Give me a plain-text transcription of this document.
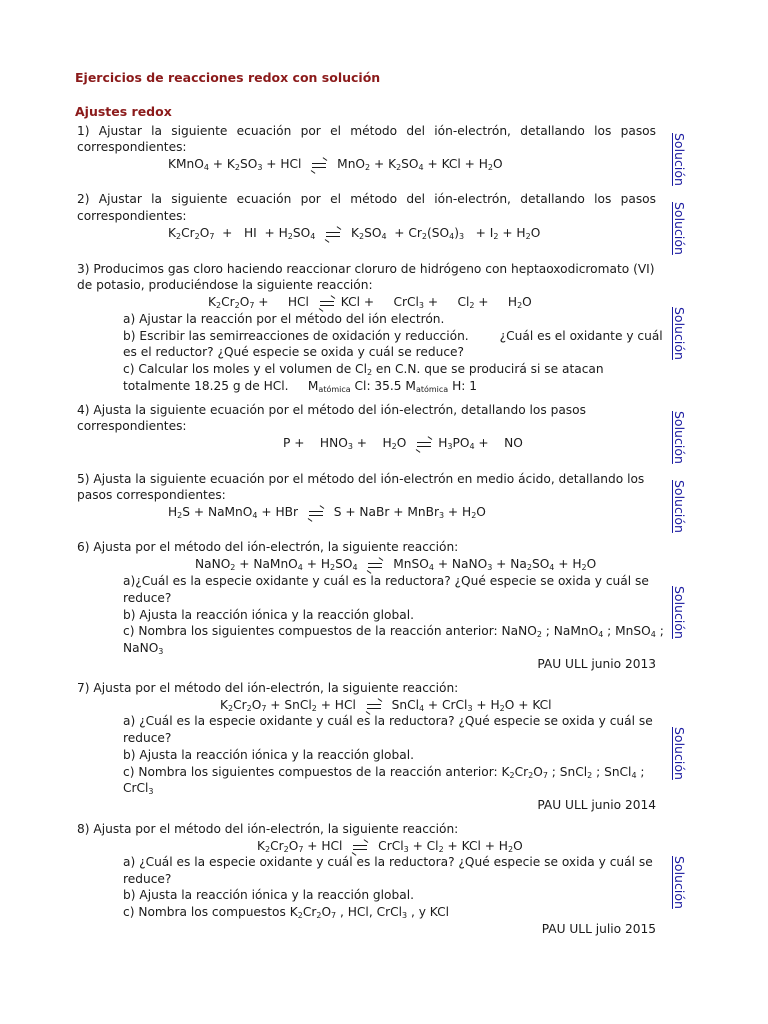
Ejercicios de reacciones redox con solución
Ajustes redox
1) Ajustar la siguiente ecuación por el método del ión-electrón, detallando los pasos
correspondientes:
KMnO$_4$ + $K_2SO_3$ + HCl
$MnO_2 + K_2SO_4$ + KCl + $H_2O$	Solución
2) Ajustar la siguiente ecuación por el método del ión-electrón, detallando los pasos
correspondientes:
$K_2Cr_2O_7$  +   HI  + $H_2SO_4$	$K_2SO_4 + Cr_2(SO_4)_3 + I_2 + H_2O$	Solución
3) Producimos gas cloro haciendo reaccionar cloruro de hidrógeno con heptaoxodicromato (VI)
de potasio, produciéndose la siguiente reacción:
$K_2Cr_2O_7$ +     HCl
KCl +     CrCl$_3$ +     $Cl_2$ +     $H_2O$
a) Ajustar la reacción por el método del ión electrón.
b) Escribir las semirreacciones de oxidación y reducción.        ¿Cuál es el oxidante y cuál
es el reductor? ¿Qué especie se oxida y cuál se reduce?
c) Calcular los moles y el volumen de $Cl_2$ en C.N. que se producirá si se atacan
totalmente 18.25 g de HCl.     $M_{atómica}$ Cl: 35.5 $M_{atómica}$ H: 1
Solución
4) Ajusta la siguiente ecuación por el método del ión-electrón, detallando los pasos
correspondientes:
P +    $HNO_3$ +    $H_2O$
$H_3PO_4$ +    NO	Solución
5) Ajusta la siguiente ecuación por el método del ión-electrón en medio ácido, detallando los
pasos correspondientes:
$H_2S$ + NaMnO$_4$ + HBr
S + NaBr + MnBr$_3$ + $H_2O$	Solución
6) Ajusta por el método del ión-electrón, la siguiente reacción:
NaNO$_2$ + NaMnO$_4$ + $H_2SO_4$	MnSO$_4$ + NaNO$_3$ + $Na_2SO_4 + H_2O$
a)¿Cuál es la especie oxidante y cuál es la reductora? ¿Qué especie se oxida y cuál se
reduce?
b) Ajusta la reacción iónica y la reacción global.
c) Nombra los siguientes compuestos de la reacción anterior: NaNO$_2$ ; NaMnO$_4$ ; MnSO$_4$ ;
NaNO$_3$
PAU ULL junio 2013
Solución
7) Ajusta por el método del ión-electrón, la siguiente reacción:
$K_2Cr_2O_7$ + SnCl$_2$ + HCl
SnCl$_4$ + CrCl$_3$ + $H_2O$ + KCl
a) ¿Cuál es la especie oxidante y cuál es la reductora? ¿Qué especie se oxida y cuál se
reduce?
b) Ajusta la reacción iónica y la reacción global.
c) Nombra los siguientes compuestos de la reacción anterior: $K_2Cr_2O_7$ ; SnCl$_2$ ; SnCl$_4$ ;
CrCl$_3$
PAU ULL junio 2014
Solución
8) Ajusta por el método del ión-electrón, la siguiente reacción:
$K_2Cr_2O_7$ + HCl
CrCl$_3$ + $Cl_2$ + KCl + $H_2O$
a) ¿Cuál es la especie oxidante y cuál es la reductora? ¿Qué especie se oxida y cuál se
reduce?
b) Ajusta la reacción iónica y la reacción global.
c) Nombra los compuestos $K_2Cr_2O_7$ , HCl, CrCl$_3$ , y KCl
PAU ULL julio 2015
Solución
